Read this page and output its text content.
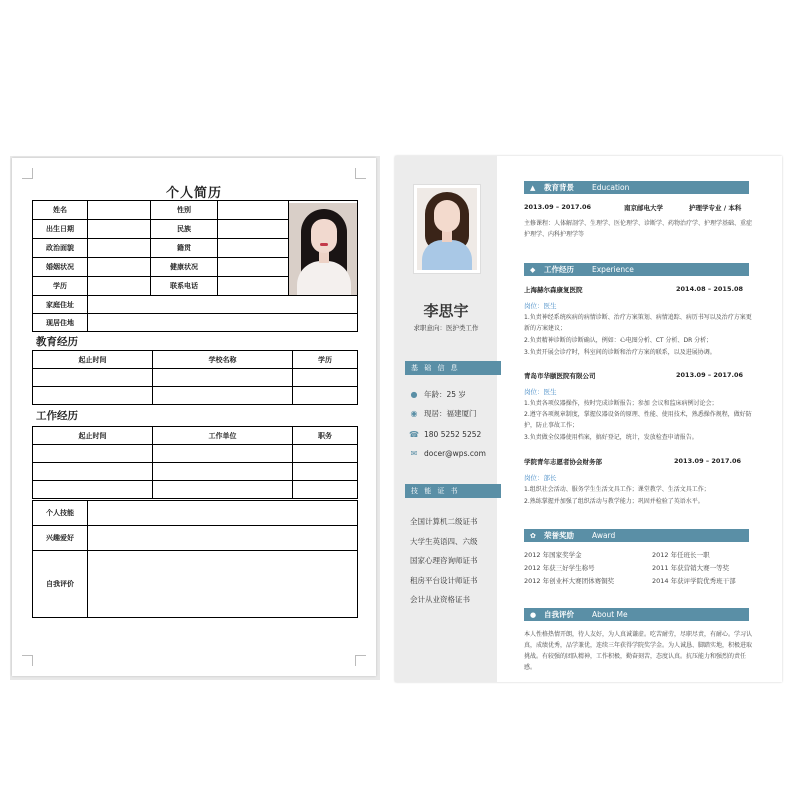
个人简历
姓名		性别		

出生日期		民族		
政治面貌		籍贯		
婚姻状况		健康状况		
学历		联系电话		
家庭住址				
现居住地				
教育经历
起止时间	学校名称	学历

工作经历
起止时间	工作单位	职务

个人技能	
兴趣爱好	
自我评价	
李思宇
求职意向：医护类工作
基 础 信 息
● 年龄：25 岁
◉ 现居：福建厦门
☎ 180 5252 5252
✉ docer@wps.com
技 能 证 书
全国计算机二级证书
大学生英语四、六级
国家心理咨询师证书
租房平台设计师证书
会计从业资格证书
▲ 教育背景 Education
2013.09 – 2017.06	南京邮电大学	护理学专业 / 本科
主修课程：人体解剖学、生理学、医伦理学、诊断学、药物治疗学、护理学基础、重症护理学、内科护理学等
◆ 工作经历 Experience
上海赫尔森康复医院	2014.08 – 2015.08
岗位：医生
1.负责神经系统疾病的病情诊断、治疗方案策划、病情追踪、病历书写以及治疗方案更新的方案建议；
2.负责精神诊断的诊断确认，例如：心电图分析、CT 分析、DR 分析；
3.负责开展会诊疗时，科室间的诊断和治疗方案的联系，以及进展协调。
青岛市华颐医院有限公司	2013.09 – 2017.06
岗位：医生
1.负责各项仪器操作，按时完成诊断报告；参加 会议和监床病例讨论会；
2.遵守各项规章制度，掌握仪器设备的原理、性能、使用技术，熟悉操作规程，做好防护，防止事故工作；
3.负责做全仪器使用档案，搞好登记，统计，发放检查申请报告。
学院青年志愿者协会财务部	2013.09 – 2017.06
岗位：部长
1.组织社会活动、服务学生生活文具工作；课堂教学、生活文具工作；
2.熟练掌握并加强了组织活动与教学能力；巩固并检验了英语水平。
✿ 荣誉奖励 Award
2012 年国家奖学金	2012 年任班长一职
2012 年获三好学生称号	2011 年获营销大赛一等奖
2012 年创业杯大赛团体赛铜奖	2014 年获评学院优秀班干部
● 自我评价 About Me
本人性格热情开朗，待人友好，为人真诚谦虚。吃苦耐劳，尽职尽责，有耐心。学习认真，成绩优秀，品学兼优，连续三年获得学院奖学金。为人诚恳、脚踏实地，积极进取挑战。有较强的团队精神，工作积极，勤奋刻苦，态度认真。抗压能力和强烈的责任感。
